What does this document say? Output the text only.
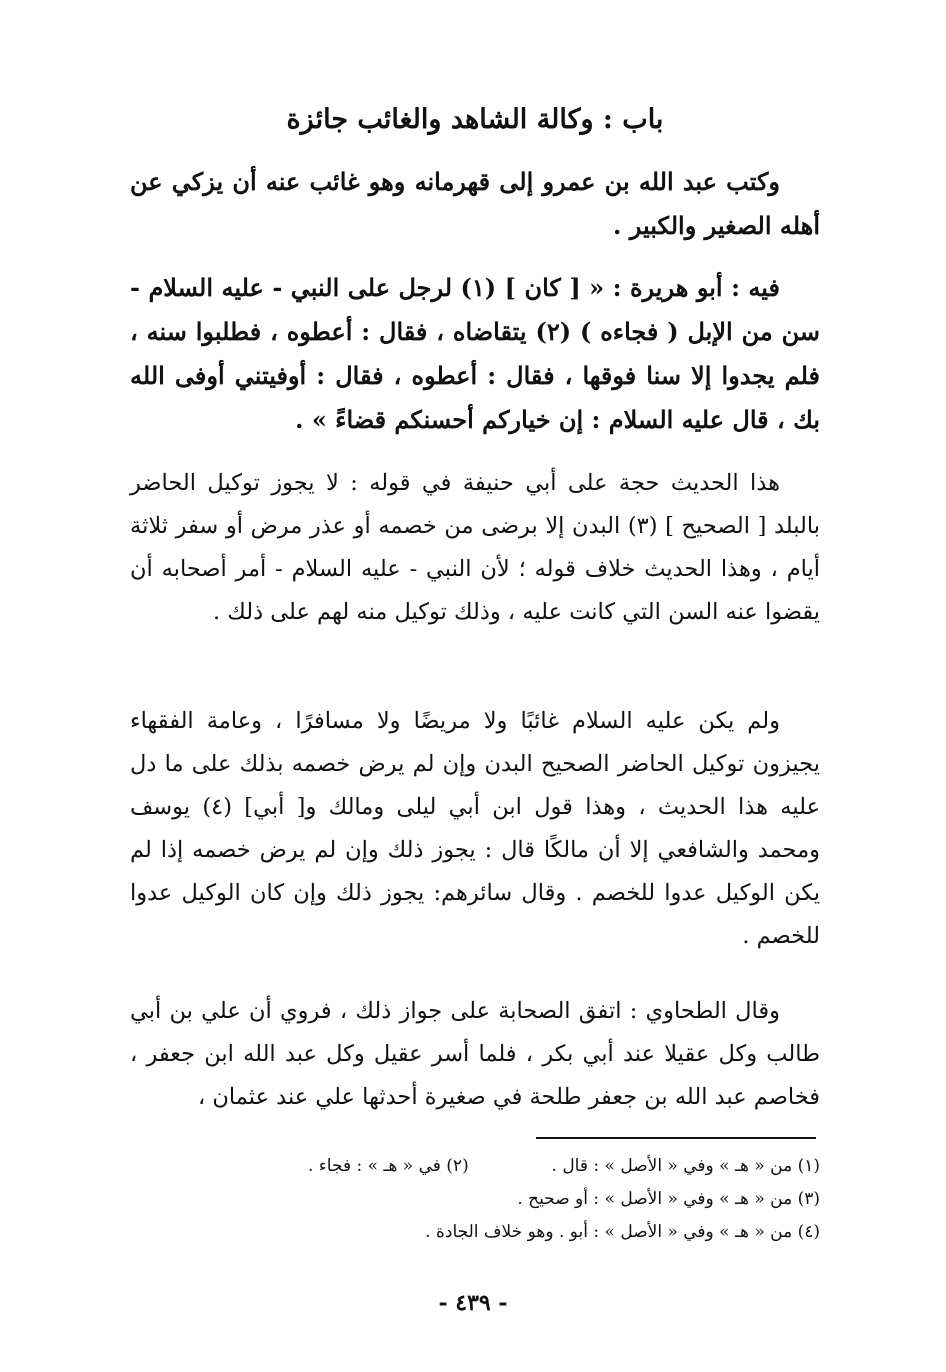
باب : وكالة الشاهد والغائب جائزة
وكتب عبد الله بن عمرو إلى قهرمانه وهو غائب عنه أن يزكي عن أهله الصغير والكبير .
فيه : أبو هريرة : « [ كان ] (١) لرجل على النبي - عليه السلام - سن من الإبل ( فجاءه ) (٢) يتقاضاه ، فقال : أعطوه ، فطلبوا سنه ، فلم يجدوا إلا سنا فوقها ، فقال : أعطوه ، فقال : أوفيتني أوفى الله بك ، قال عليه السلام : إن خياركم أحسنكم قضاءً » .
هذا الحديث حجة على أبي حنيفة في قوله : لا يجوز توكيل الحاضر بالبلد [ الصحيح ] (٣) البدن إلا برضى من خصمه أو عذر مرض أو سفر ثلاثة أيام ، وهذا الحديث خلاف قوله ؛ لأن النبي - عليه السلام - أمر أصحابه أن يقضوا عنه السن التي كانت عليه ، وذلك توكيل منه لهم على ذلك .
ولم يكن عليه السلام غائبًا ولا مريضًا ولا مسافرًا ، وعامة الفقهاء يجيزون توكيل الحاضر الصحيح البدن وإن لم يرض خصمه بذلك على ما دل عليه هذا الحديث ، وهذا قول ابن أبي ليلى ومالك و[ أبي] (٤) يوسف ومحمد والشافعي إلا أن مالكًا قال : يجوز ذلك وإن لم يرض خصمه إذا لم يكن الوكيل عدوا للخصم . وقال سائرهم: يجوز ذلك وإن كان الوكيل عدوا للخصم .
وقال الطحاوي : اتفق الصحابة على جواز ذلك ، فروي أن علي بن أبي طالب وكل عقيلا عند أبي بكر ، فلما أسر عقيل وكل عبد الله ابن جعفر ، فخاصم عبد الله بن جعفر طلحة في صغيرة أحدثها علي عند عثمان ،
(١) من « هـ » وفي « الأصل » : قال .  (٢) في « هـ » : فجاء .
(٣) من « هـ » وفي « الأصل » : أو صحيح .
(٤) من « هـ » وفي « الأصل » : أبو . وهو خلاف الجادة .
- ٤٣٩ -
